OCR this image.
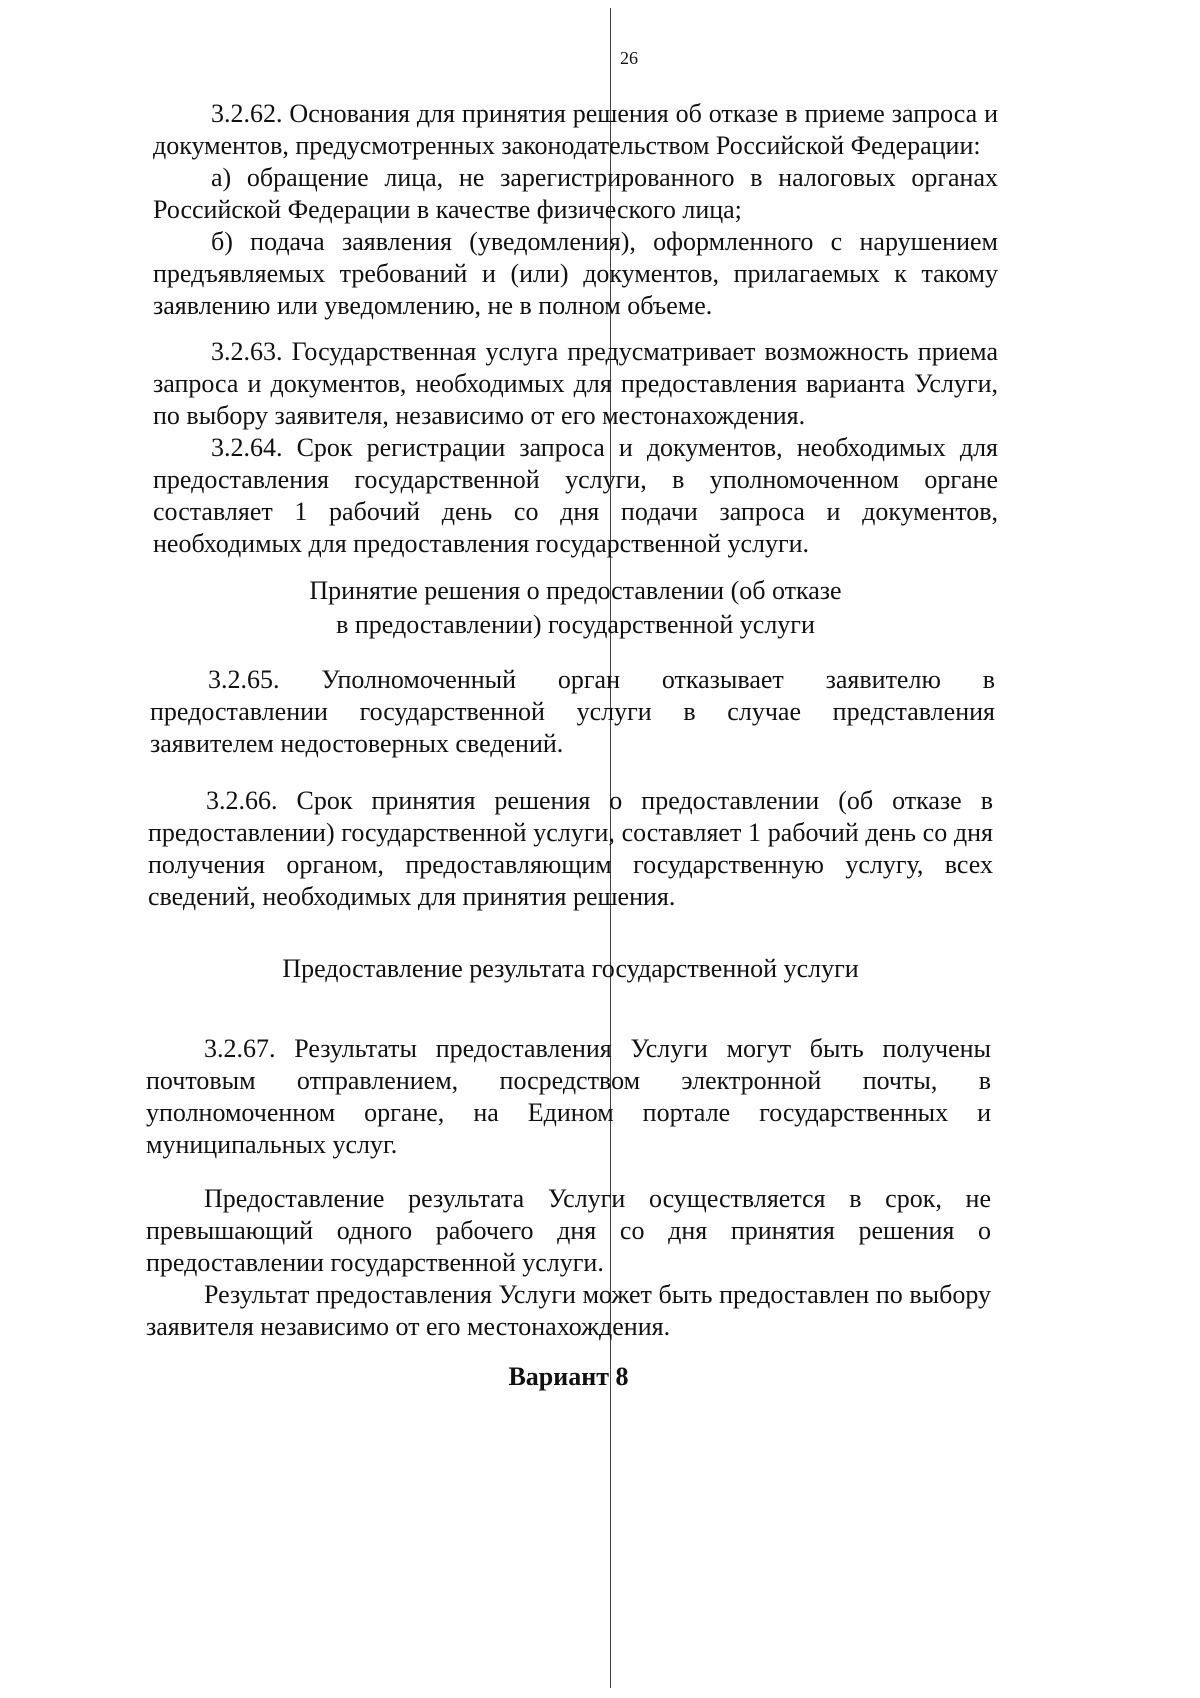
26

3.2.62. Основания для принятия решения об отказе в приеме запроса и документов, предусмотренных законодательством Российской Федерации:

а) обращение лица, не зарегистрированного в налоговых органах Российской Федерации в качестве физического лица;

б) подача заявления (уведомления), оформленного с нарушением предъявляемых требований и (или) документов, прилагаемых к такому заявлению или уведомлению, не в полном объеме.

3.2.63. Государственная услуга предусматривает возможность приема запроса и документов, необходимых для предоставления варианта Услуги, по выбору заявителя, независимо от его местонахождения.

3.2.64. Срок регистрации запроса и документов, необходимых для предоставления государственной услуги, в уполномоченном органе составляет 1 рабочий день со дня подачи запроса и документов, необходимых для предоставления государственной услуги.

Принятие решения о предоставлении (об отказе
в предоставлении) государственной услуги

3.2.65. Уполномоченный орган отказывает заявителю в предоставлении государственной услуги в случае представления заявителем недостоверных сведений.

3.2.66. Срок принятия решения о предоставлении (об отказе в предоставлении) государственной услуги, составляет 1 рабочий день со дня получения органом, предоставляющим государственную услугу, всех сведений, необходимых для принятия решения.

Предоставление результата государственной услуги

3.2.67. Результаты предоставления Услуги могут быть получены почтовым отправлением, посредством электронной почты, в уполномоченном органе, на Едином портале государственных и муниципальных услуг.

Предоставление результата Услуги осуществляется в срок, не превышающий одного рабочего дня со дня принятия решения о предоставлении государственной услуги.

Результат предоставления Услуги может быть предоставлен по выбору заявителя независимо от его местонахождения.

Вариант 8
